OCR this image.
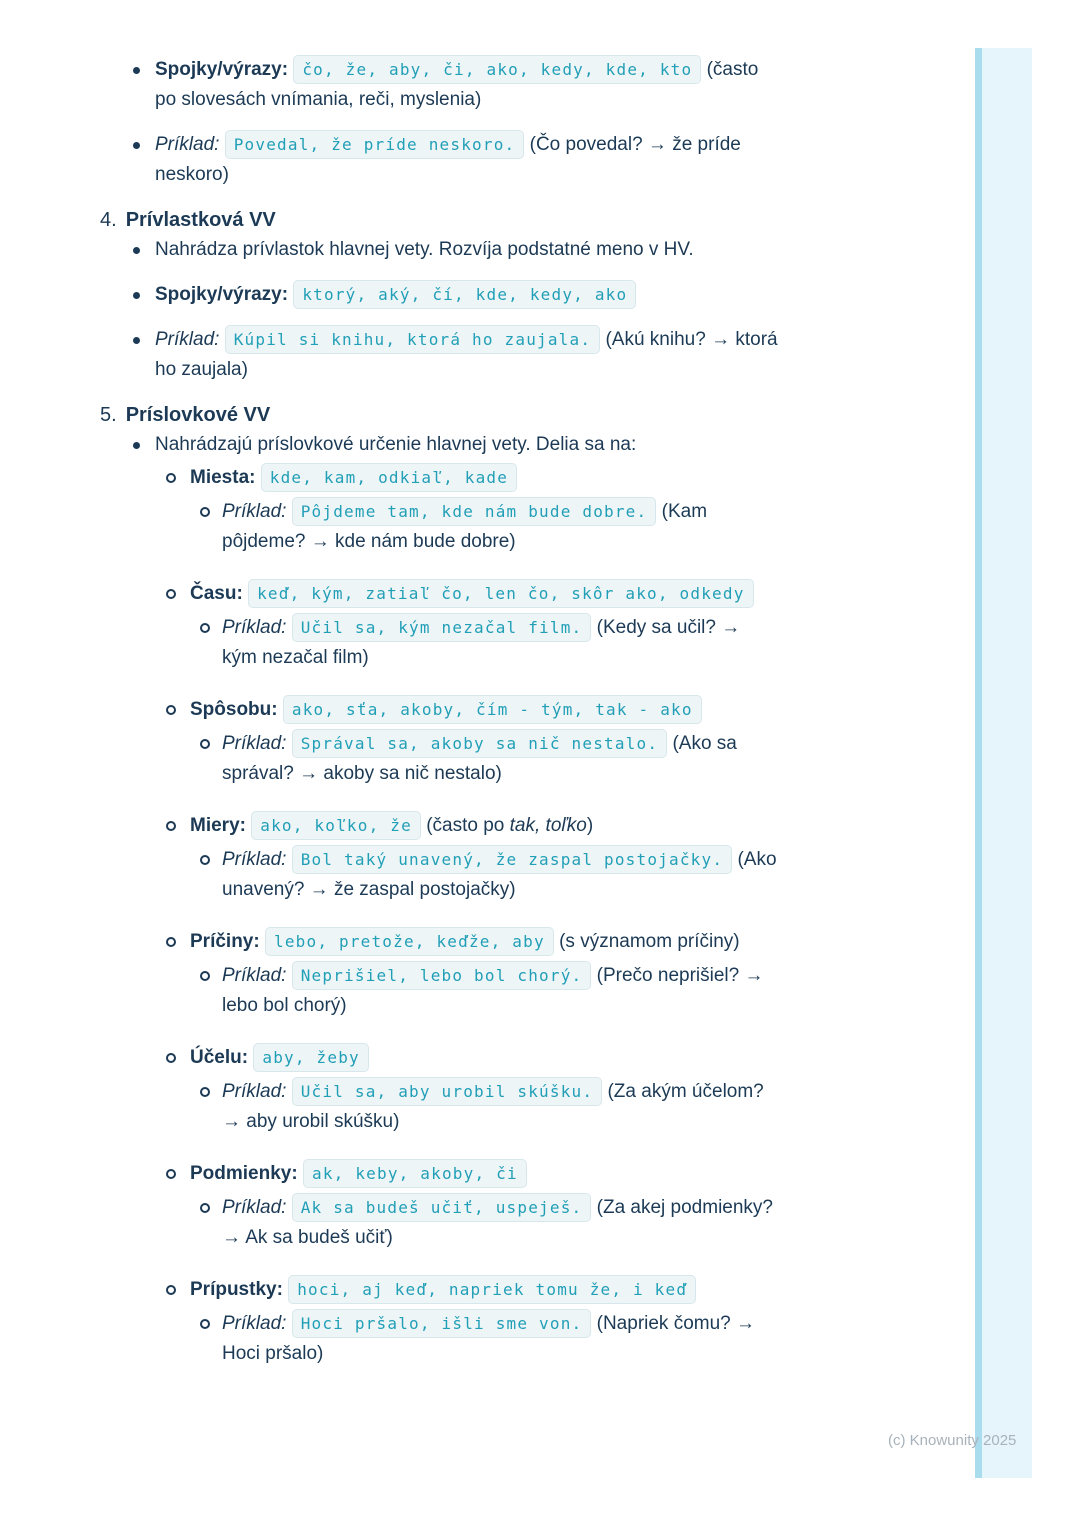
Spojky/výrazy: čo, že, aby, či, ako, kedy, kde, kto (často
po slovesách vnímania, reči, myslenia)
Príklad: Povedal, že príde neskoro. (Čo povedal? → že príde
neskoro)
4. Prívlastková VV
Nahrádza prívlastok hlavnej vety. Rozvíja podstatné meno v HV.
Spojky/výrazy: ktorý, aký, čí, kde, kedy, ako
Príklad: Kúpil si knihu, ktorá ho zaujala. (Akú knihu? → ktorá
ho zaujala)
5. Príslovkové VV
Nahrádzajú príslovkové určenie hlavnej vety. Delia sa na:
Miesta: kde, kam, odkiaľ, kade
Príklad: Pôjdeme tam, kde nám bude dobre. (Kam
pôjdeme? → kde nám bude dobre)
Času: keď, kým, zatiaľ čo, len čo, skôr ako, odkedy
Príklad: Učil sa, kým nezačal film. (Kedy sa učil? →
kým nezačal film)
Spôsobu: ako, sťa, akoby, čím - tým, tak - ako
Príklad: Správal sa, akoby sa nič nestalo. (Ako sa
správal? → akoby sa nič nestalo)
Miery: ako, koľko, že (často po tak, toľko)
Príklad: Bol taký unavený, že zaspal postojačky. (Ako
unavený? → že zaspal postojačky)
Príčiny: lebo, pretože, keďže, aby (s významom príčiny)
Príklad: Neprišiel, lebo bol chorý. (Prečo neprišiel? →
lebo bol chorý)
Účelu: aby, žeby
Príklad: Učil sa, aby urobil skúšku. (Za akým účelom?
→ aby urobil skúšku)
Podmienky: ak, keby, akoby, či
Príklad: Ak sa budeš učiť, uspeješ. (Za akej podmienky?
→ Ak sa budeš učiť)
Prípustky: hoci, aj keď, napriek tomu že, i keď
Príklad: Hoci pršalo, išli sme von. (Napriek čomu? →
Hoci pršalo)
(c) Knowunity 2025
